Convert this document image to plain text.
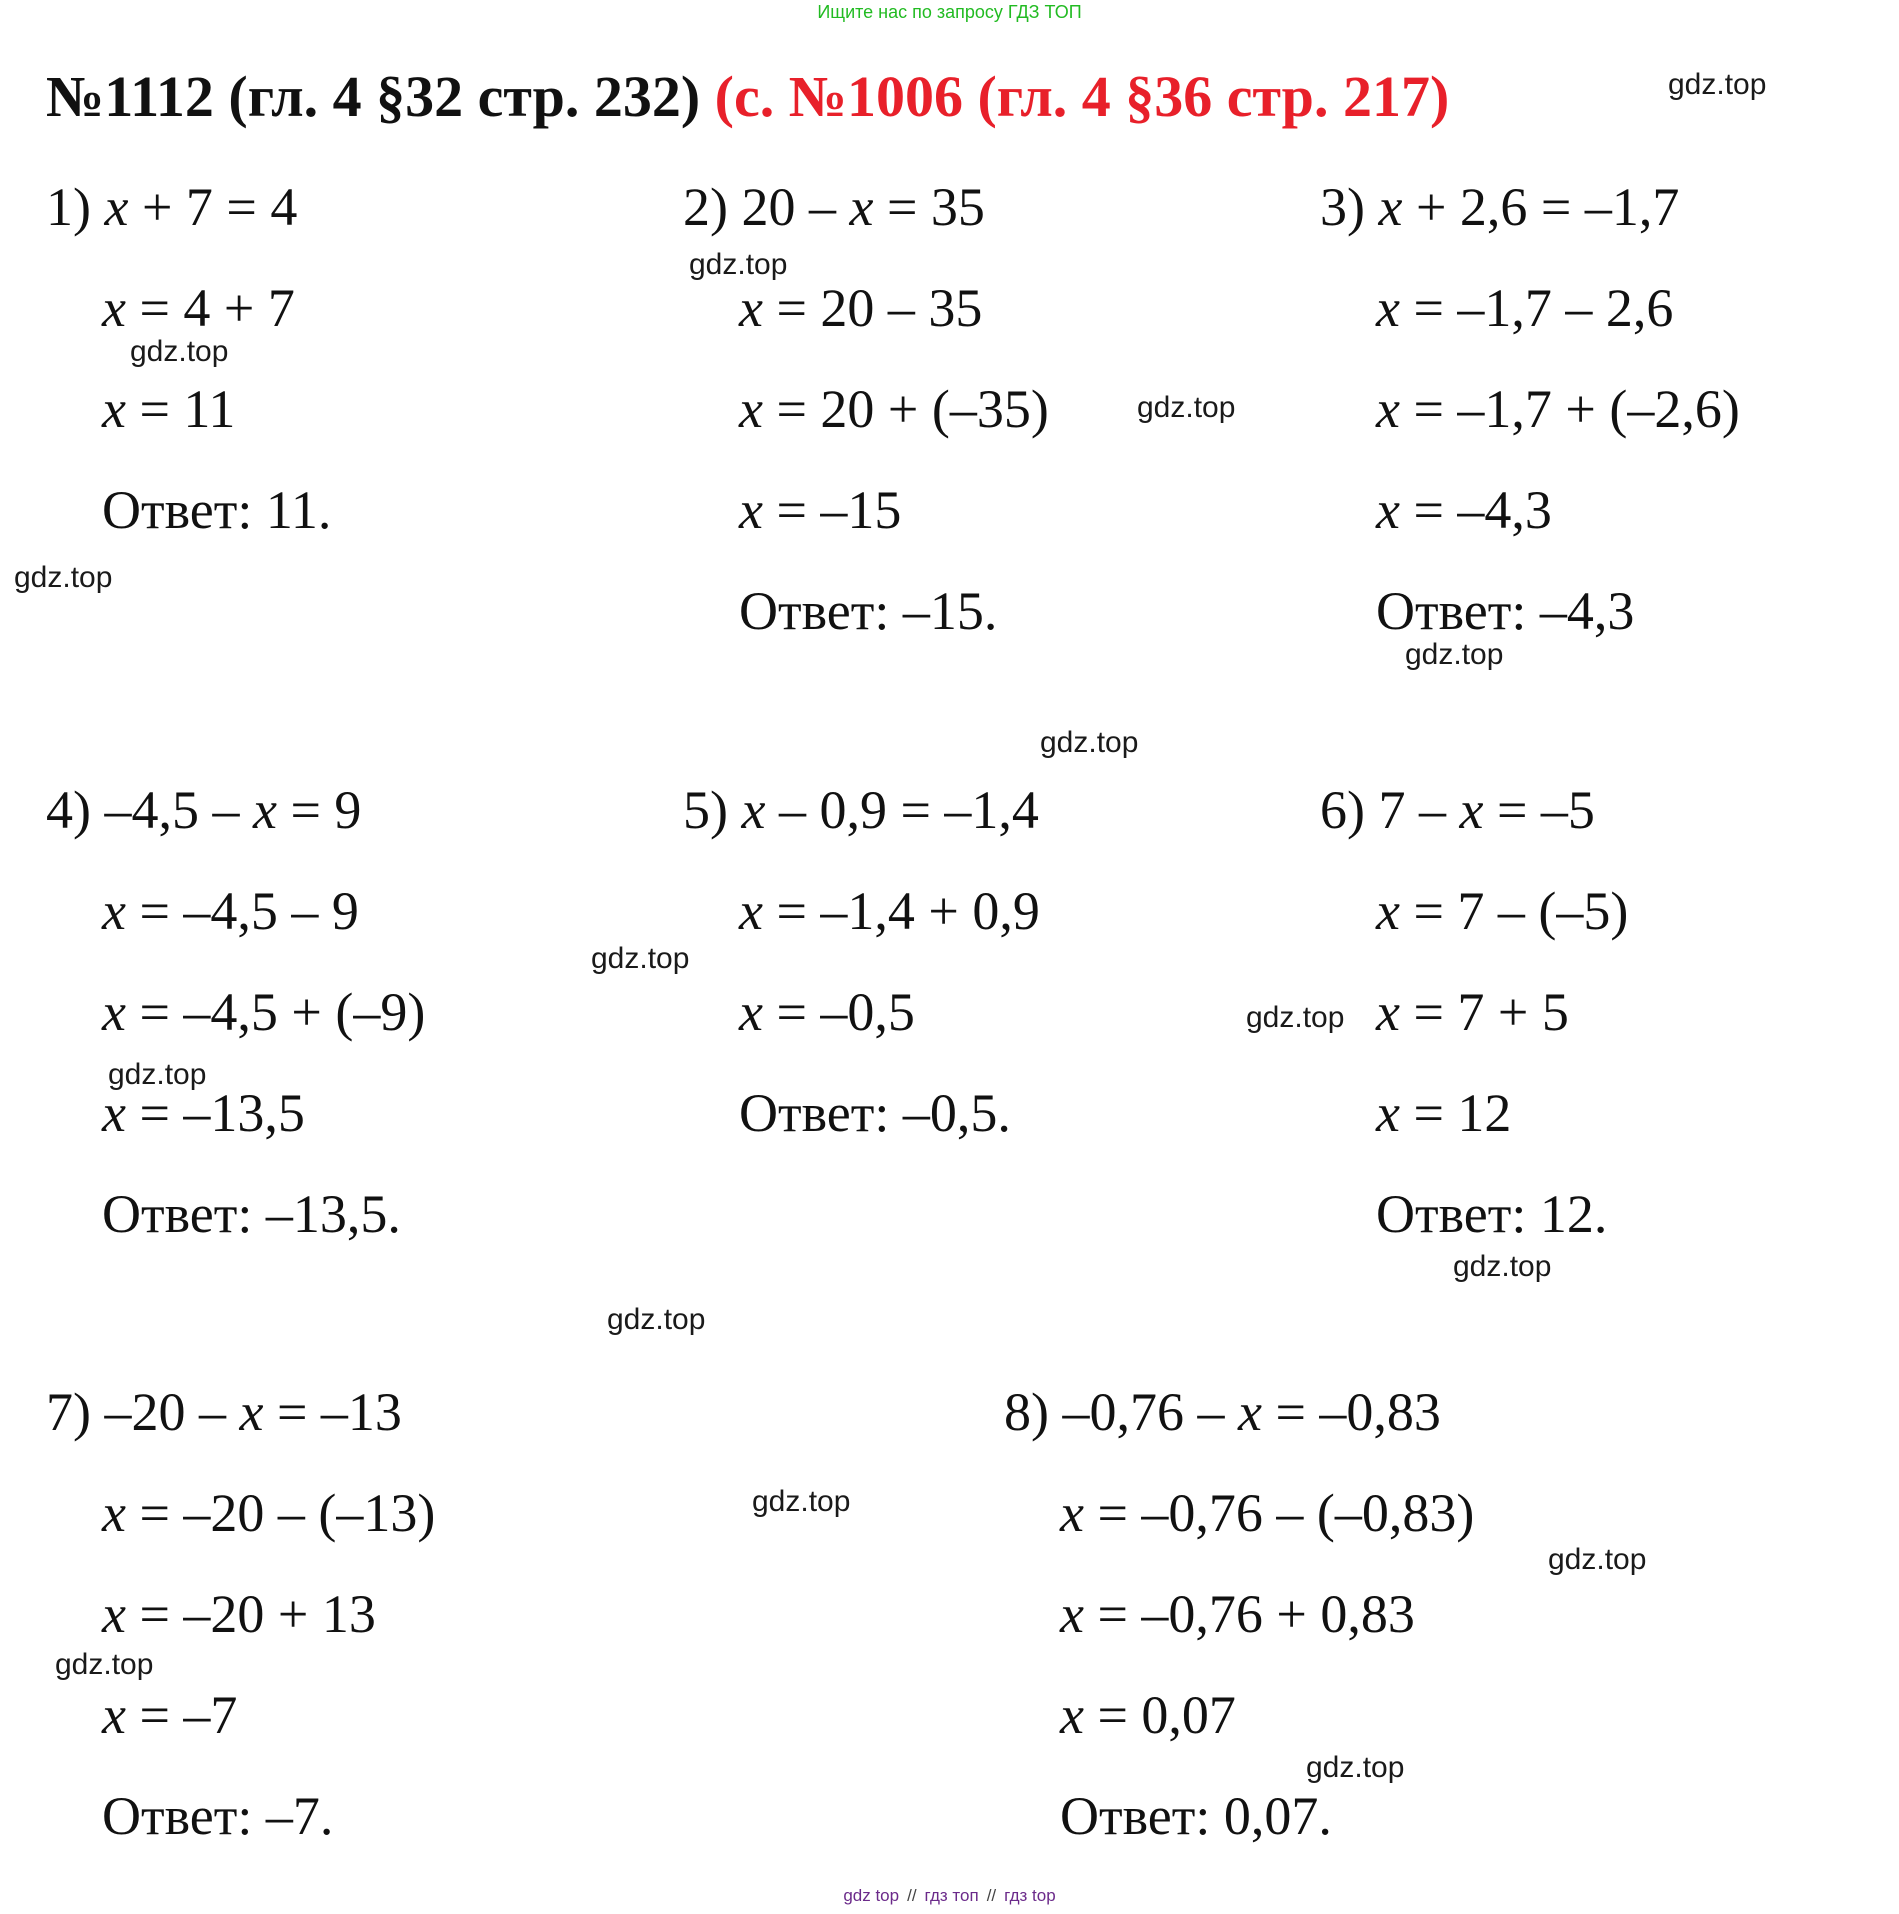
Ищите нас по запросу ГДЗ ТОП
№1112 (гл. 4 §32 стр. 232) (с. №1006 (гл. 4 §36 стр. 217)
1) x + 7 = 4
x = 4 + 7
x = 11
Ответ: 11.
2) 20 – x = 35
x = 20 – 35
x = 20 + (–35)
x = –15
Ответ: –15.
3) x + 2,6 = –1,7
x = –1,7 – 2,6
x = –1,7 + (–2,6)
x = –4,3
Ответ: –4,3
4) –4,5 – x = 9
x = –4,5 – 9
x = –4,5 + (–9)
x = –13,5
Ответ: –13,5.
5) x – 0,9 = –1,4
x = –1,4 + 0,9
x = –0,5
Ответ: –0,5.
6) 7 – x = –5
x = 7 – (–5)
x = 7 + 5
x = 12
Ответ: 12.
7) –20 – x = –13
x = –20 – (–13)
x = –20 + 13
x = –7
Ответ: –7.
8) –0,76 – x = –0,83
x = –0,76 – (–0,83)
x = –0,76 + 0,83
x = 0,07
Ответ: 0,07.
gdz.top
gdz.top
gdz.top
gdz.top
gdz.top
gdz.top
gdz.top
gdz.top
gdz.top
gdz.top
gdz.top
gdz.top
gdz.top
gdz.top
gdz.top
gdz.top
gdz top // гдз топ // гдз top
